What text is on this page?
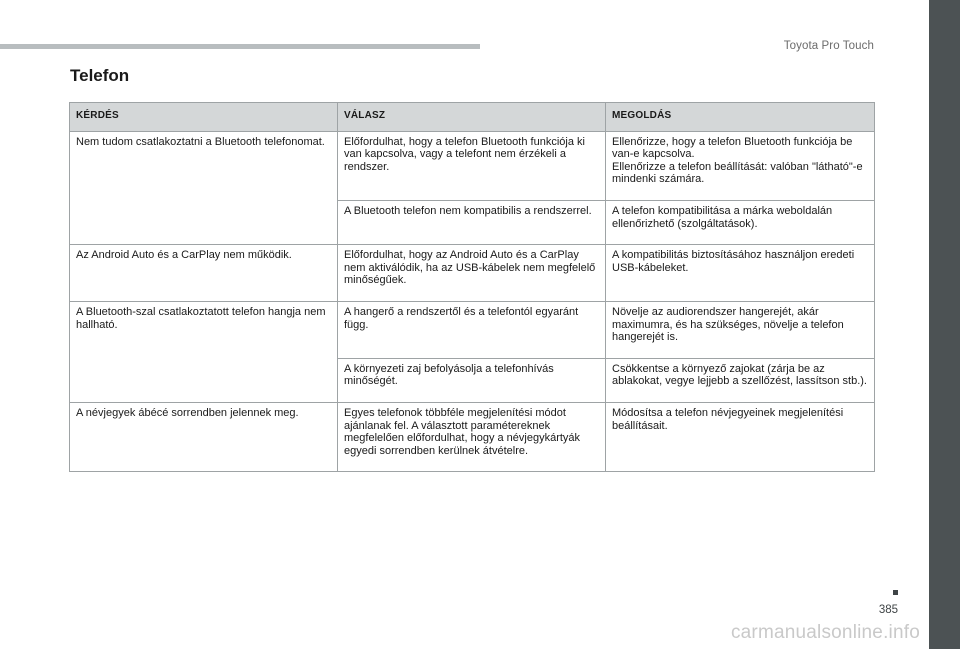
Toyota Pro Touch
Telefon
KÉRDÉS	VÁLASZ	MEGOLDÁS
Nem tudom csatlakoztatni a Bluetooth telefonomat.	Előfordulhat, hogy a telefon Bluetooth funkciója ki van kapcsolva, vagy a telefont nem érzékeli a rendszer.	Ellenőrizze, hogy a telefon Bluetooth funkciója be van-e kapcsolva.
Ellenőrizze a telefon beállítását: valóban "látható"-e mindenki számára.
	A Bluetooth telefon nem kompatibilis a rendszerrel.	A telefon kompatibilitása a márka weboldalán ellenőrizhető (szolgáltatások).
Az Android Auto és a CarPlay nem működik.	Előfordulhat, hogy az Android Auto és a CarPlay nem aktiválódik, ha az USB-kábelek nem megfelelő minőségűek.	A kompatibilitás biztosításához használjon eredeti USB-kábeleket.
A Bluetooth-szal csatlakoztatott telefon hangja nem hallható.	A hangerő a rendszertől és a telefontól egyaránt függ.	Növelje az audiorendszer hangerejét, akár maximumra, és ha szükséges, növelje a telefon hangerejét is.
	A környezeti zaj befolyásolja a telefonhívás minőségét.	Csökkentse a környező zajokat (zárja be az ablakokat, vegye lejjebb a szellőzést, lassítson stb.).
A névjegyek ábécé sorrendben jelennek meg.	Egyes telefonok többféle megjelenítési módot ajánlanak fel. A választott paramétereknek megfelelően előfordulhat, hogy a névjegykártyák egyedi sorrendben kerülnek átvételre.	Módosítsa a telefon névjegyeinek megjelenítési beállításait.
385
carmanualsonline.info
